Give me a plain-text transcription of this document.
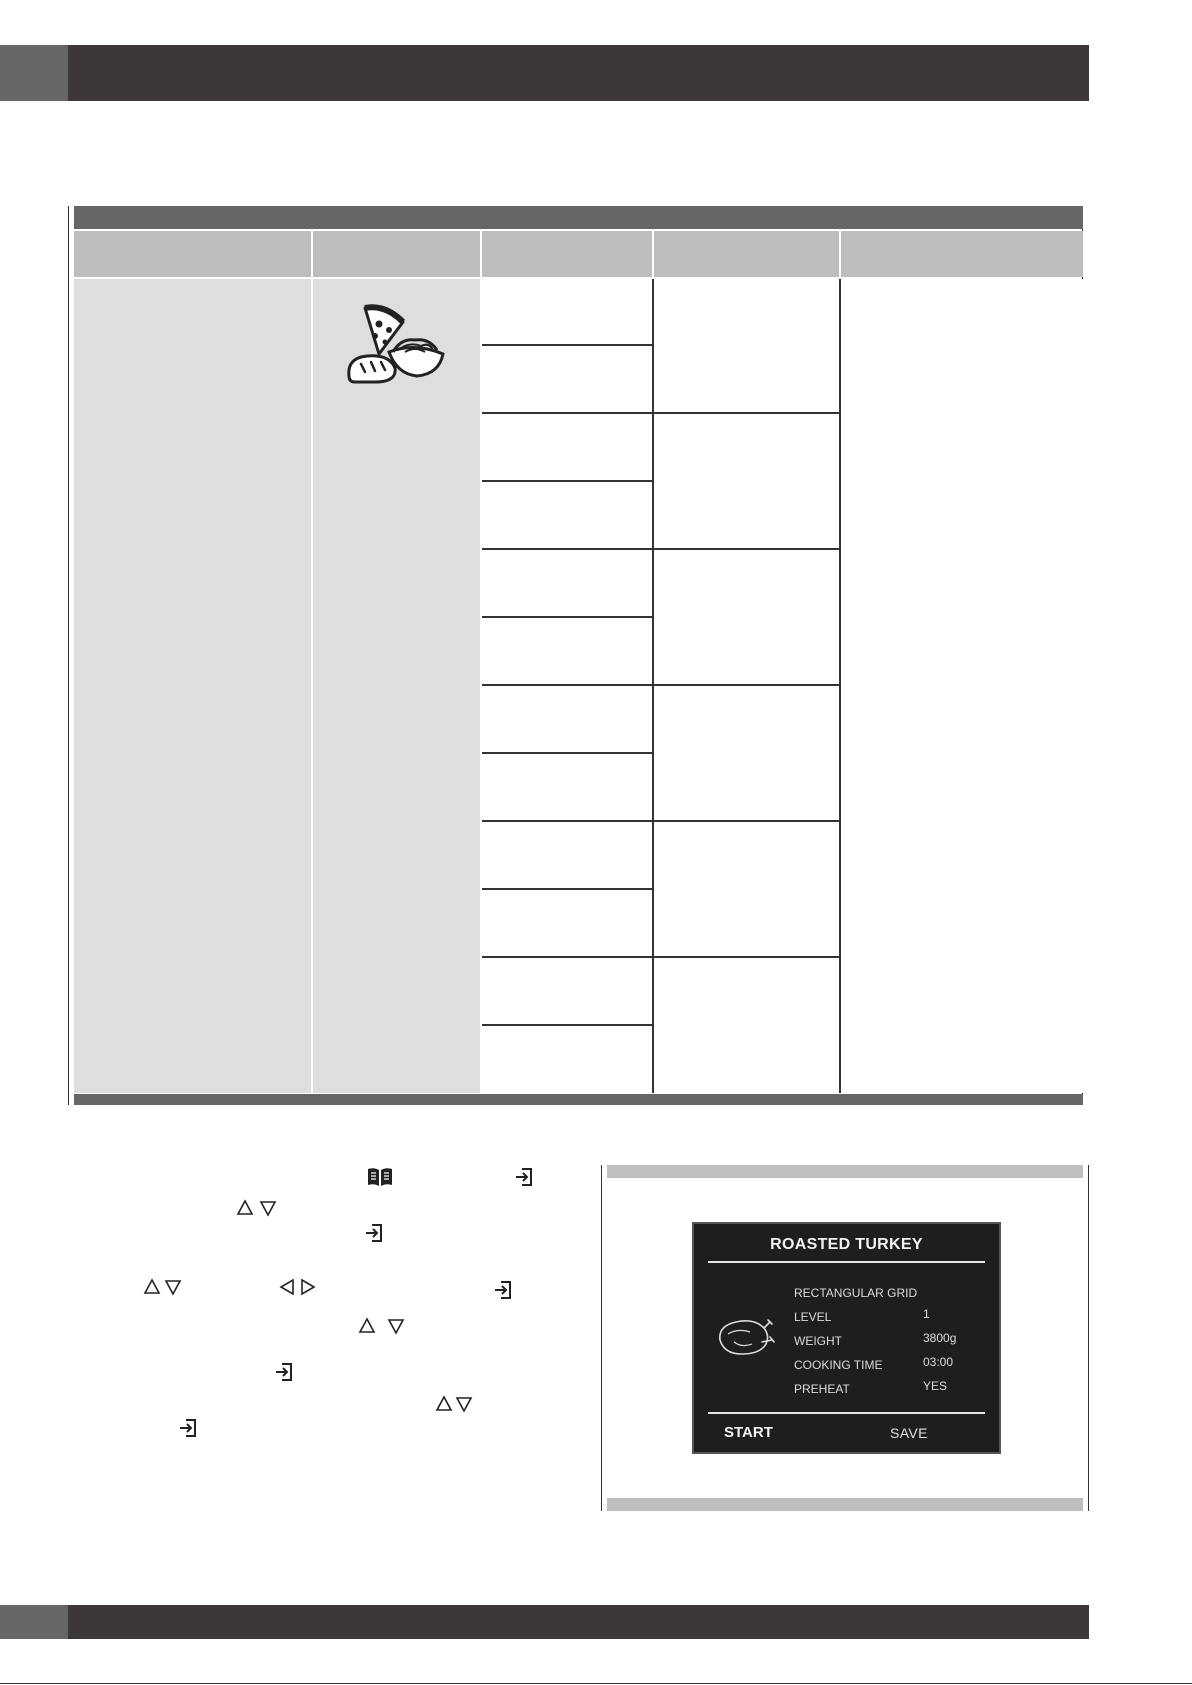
ROASTED TURKEY
RECTANGULAR GRID
LEVEL	1
WEIGHT	3800g
COOKING TIME	03:00
PREHEAT	YES
START	SAVE
